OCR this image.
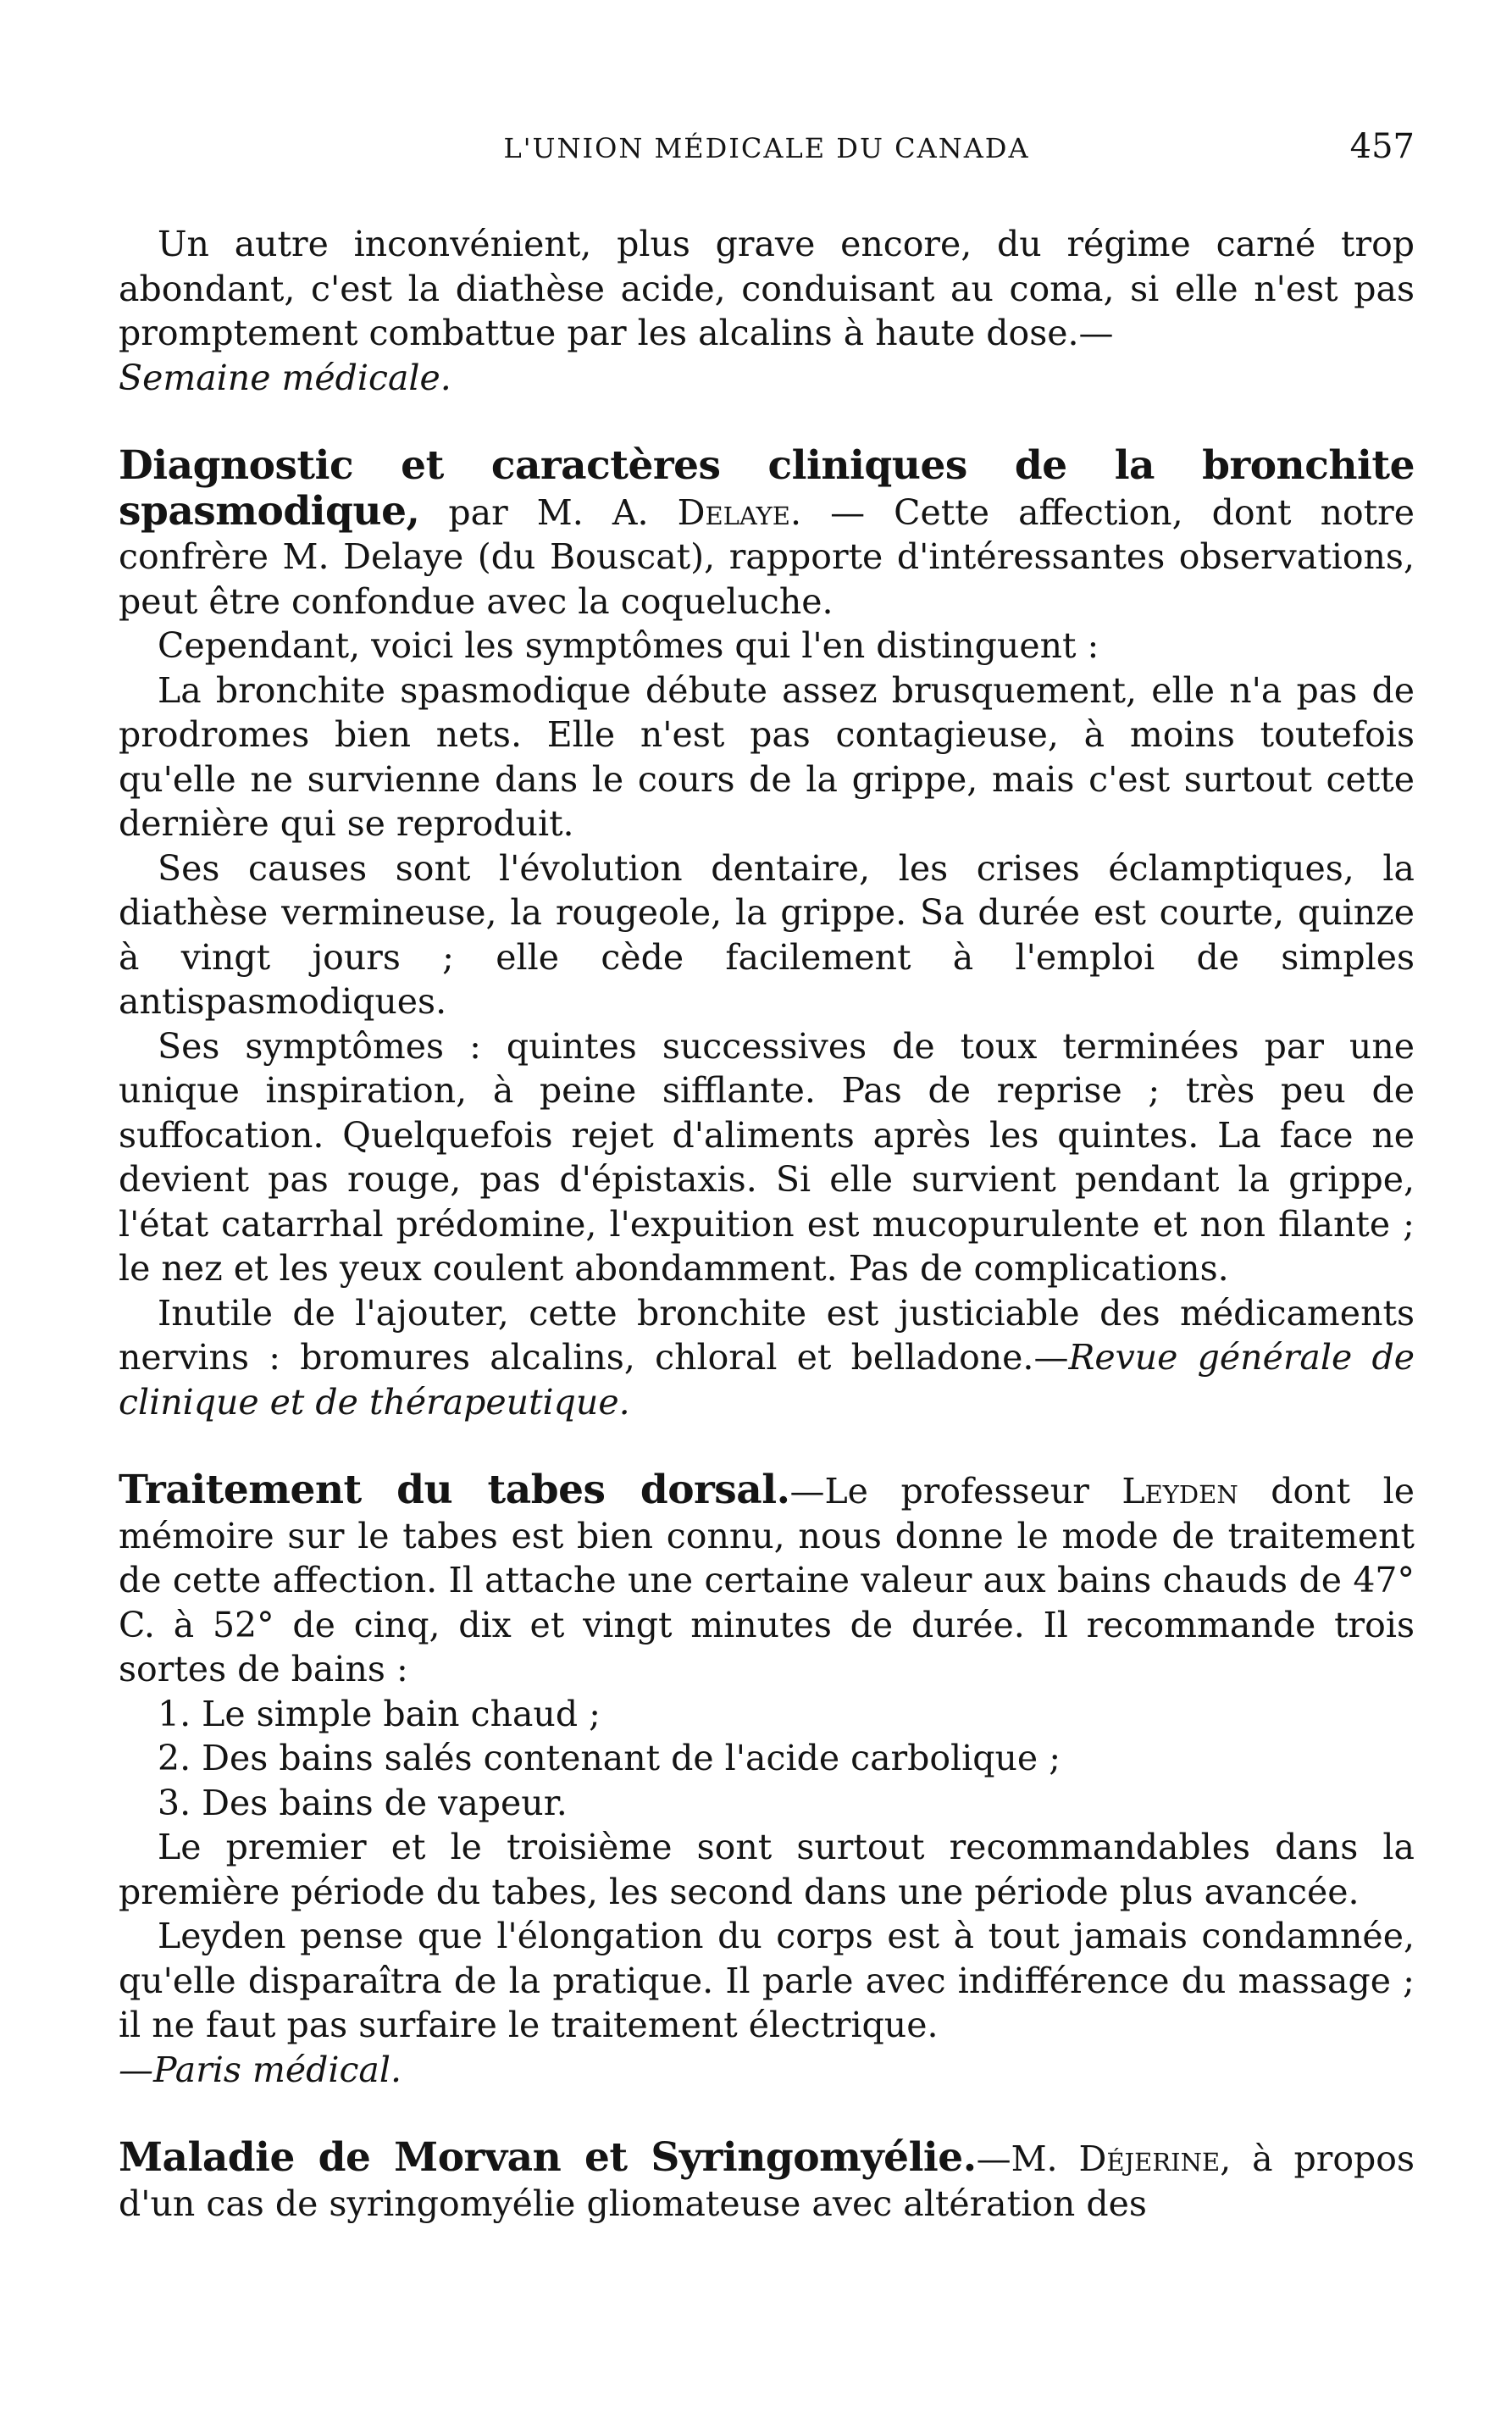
L'UNION MÉDICALE DU CANADA	457

Un autre inconvénient, plus grave encore, du régime carné trop abondant, c'est la diathèse acide, conduisant au coma, si elle n'est pas promptement combattue par les alcalins à haute dose.—
Semaine médicale.

Diagnostic et caractères cliniques de la bronchite spasmodique, par M. A. Delaye. — Cette affection, dont notre confrère M. Delaye (du Bouscat), rapporte d'intéressantes observations, peut être confondue avec la coqueluche.

Cependant, voici les symptômes qui l'en distinguent :

La bronchite spasmodique débute assez brusquement, elle n'a pas de prodromes bien nets. Elle n'est pas contagieuse, à moins toutefois qu'elle ne survienne dans le cours de la grippe, mais c'est surtout cette dernière qui se reproduit.

Ses causes sont l'évolution dentaire, les crises éclamptiques, la diathèse vermineuse, la rougeole, la grippe. Sa durée est courte, quinze à vingt jours ; elle cède facilement à l'emploi de simples antispasmodiques.

Ses symptômes : quintes successives de toux terminées par une unique inspiration, à peine sifflante. Pas de reprise ; très peu de suffocation. Quelquefois rejet d'aliments après les quintes. La face ne devient pas rouge, pas d'épistaxis. Si elle survient pendant la grippe, l'état catarrhal prédomine, l'expuition est mucopurulente et non filante ; le nez et les yeux coulent abondamment. Pas de complications.

Inutile de l'ajouter, cette bronchite est justiciable des médicaments nervins : bromures alcalins, chloral et belladone.—Revue générale de clinique et de thérapeutique.

Traitement du tabes dorsal.—Le professeur Leyden dont le mémoire sur le tabes est bien connu, nous donne le mode de traitement de cette affection. Il attache une certaine valeur aux bains chauds de 47° C. à 52° de cinq, dix et vingt minutes de durée. Il recommande trois sortes de bains :

1. Le simple bain chaud ;

2. Des bains salés contenant de l'acide carbolique ;

3. Des bains de vapeur.

Le premier et le troisième sont surtout recommandables dans la première période du tabes, les second dans une période plus avancée.

Leyden pense que l'élongation du corps est à tout jamais condamnée, qu'elle disparaîtra de la pratique. Il parle avec indifférence du massage ; il ne faut pas surfaire le traitement électrique.
—Paris médical.

Maladie de Morvan et Syringomyélie.—M. Déjerine, à propos d'un cas de syringomyélie gliomateuse avec altération des
